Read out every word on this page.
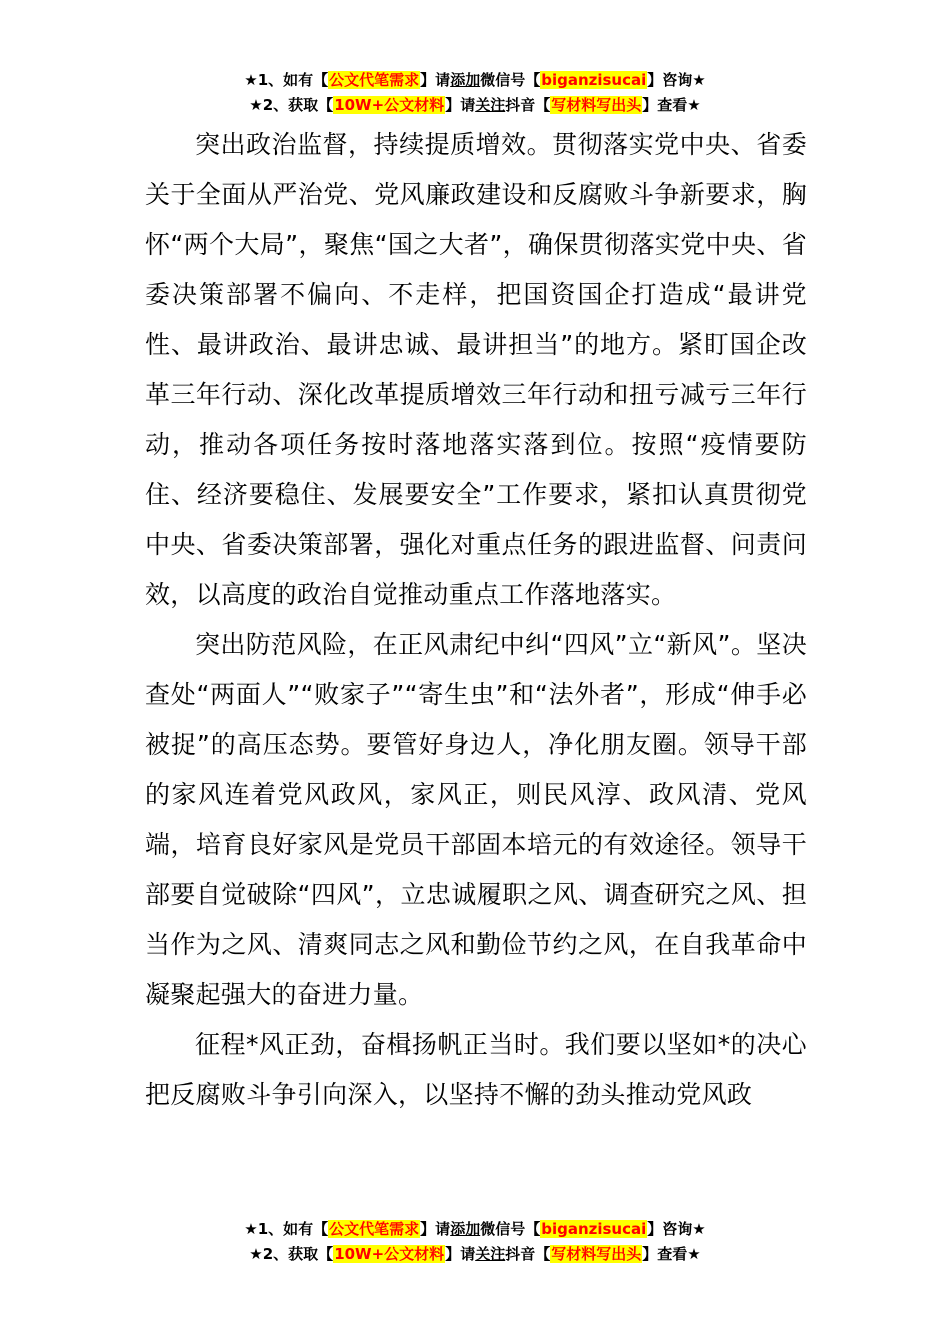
★1、如有【公文代笔需求】请添加微信号【biganzisucai】咨询★
★2、获取【10W+公文材料】请关注抖音【写材料写出头】查看★

突出政治监督，持续提质增效。贯彻落实党中央、省委关于全面从严治党、党风廉政建设和反腐败斗争新要求，胸怀“两个大局”，聚焦“国之大者”，确保贯彻落实党中央、省委决策部署不偏向、不走样，把国资国企打造成“最讲党性、最讲政治、最讲忠诚、最讲担当”的地方。紧盯国企改革三年行动、深化改革提质增效三年行动和扭亏减亏三年行动，推动各项任务按时落地落实落到位。按照“疫情要防住、经济要稳住、发展要安全”工作要求，紧扣认真贯彻党中央、省委决策部署，强化对重点任务的跟进监督、问责问效，以高度的政治自觉推动重点工作落地落实。

突出防范风险，在正风肃纪中纠“四风”立“新风”。坚决查处“两面人”“败家子”“寄生虫”和“法外者”，形成“伸手必被捉”的高压态势。要管好身边人，净化朋友圈。领导干部的家风连着党风政风，家风正，则民风淳、政风清、党风端，培育良好家风是党员干部固本培元的有效途径。领导干部要自觉破除“四风”，立忠诚履职之风、调查研究之风、担当作为之风、清爽同志之风和勤俭节约之风，在自我革命中凝聚起强大的奋进力量。

征程*风正劲，奋楫扬帆正当时。我们要以坚如*的决心把反腐败斗争引向深入，以坚持不懈的劲头推动党风政

★1、如有【公文代笔需求】请添加微信号【biganzisucai】咨询★
★2、获取【10W+公文材料】请关注抖音【写材料写出头】查看★
